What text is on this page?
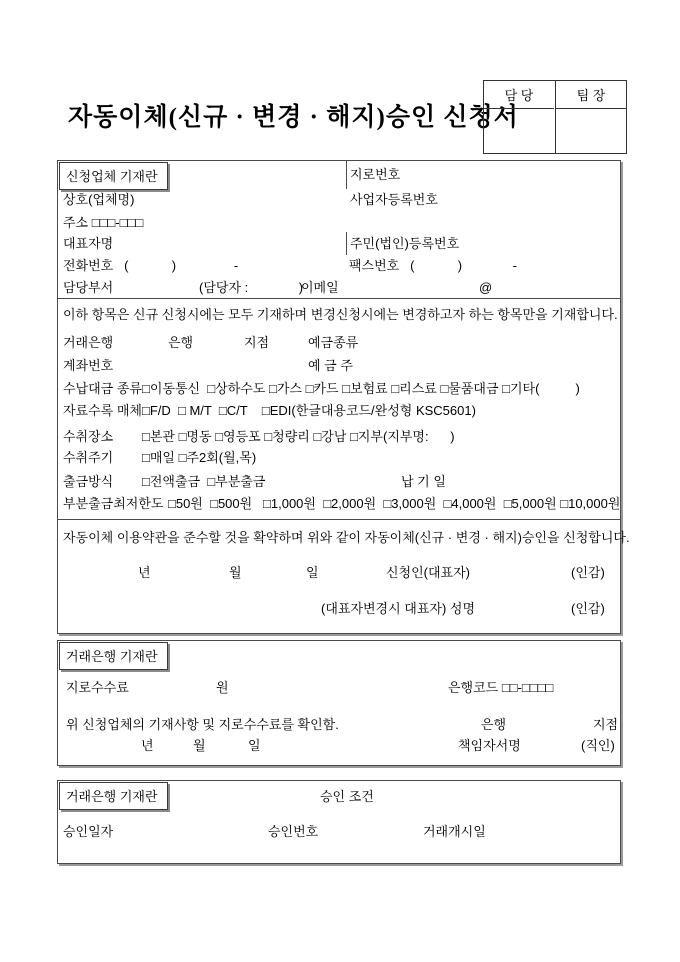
자동이체(신규 · 변경 · 해지)승인 신청서
담 당	팀 장
신청업체 기재란	지로번호
상호(업체명)	사업자등록번호
주소 □□□-□□□
대표자명	주민(법인)등록번호
전화번호   (            )                -	팩스번호   (            )              -
담당부서	(담당자 :              )
이메일	@
이하 항목은 신규 신청시에는 모두 기재하며 변경신청시에는 변경하고자 하는 항목만을 기재합니다.
거래은행	은행	지점	예금종류
계좌번호	예 금 주
수납대금 종류 □이동통신  □상하수도 □가스 □카드 □보험료 □리스료 □물품대금 □기타(          )
자료수록 매체 □F/D  □ M/T  □C/T    □EDI(한글대용코드/완성형 KSC5601)
수취장소 □본관 □명동 □영등포 □청량리 □강남 □지부(지부명:      )
수취주기 □매일 □주2회(월,목)
출금방식 □전액출금  □부분출금	납 기 일
부분출금최저한도 □50원  □500원   □1,000원  □2,000원  □3,000원  □4,000원  □5,000원 □10,000원
자동이체 이용약관을 준수할 것을 확약하며 위와 같이 자동이체(신규 · 변경 · 해지)승인을 신청합니다.
년	월	일	신청인(대표자)	(인감)
(대표자변경시 대표자) 성명	(인감)
거래은행 기재란
지로수수료	원	은행코드 □□-□□□□
위 신청업체의 기재사항 및 지로수수료를 확인함.	은행	지점
년	월	일	책임자서명	(직인)
거래은행 기재란	승인 조건
승인일자	승인번호	거래개시일
